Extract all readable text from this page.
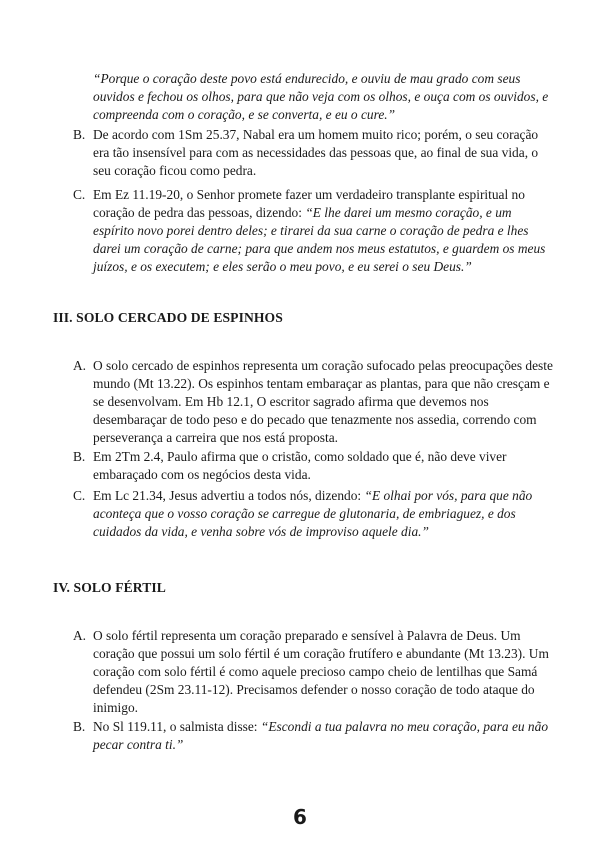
“Porque o coração deste povo está endurecido, e ouviu de mau grado com seus ouvidos e fechou os olhos, para que não veja com os olhos, e ouça com os ouvidos, e compreenda com o coração, e se converta, e eu o cure.”

B. De acordo com 1Sm 25.37, Nabal era um homem muito rico; porém, o seu coração era tão insensível para com as necessidades das pessoas que, ao final de sua vida, o seu coração ficou como pedra.

C. Em Ez 11.19-20, o Senhor promete fazer um verdadeiro transplante espiritual no coração de pedra das pessoas, dizendo: “E lhe darei um mesmo coração, e um espírito novo porei dentro deles; e tirarei da sua carne o coração de pedra e lhes darei um coração de carne; para que andem nos meus estatutos, e guardem os meus juízos, e os executem; e eles serão o meu povo, e eu serei o seu Deus.”

III. SOLO CERCADO DE ESPINHOS

A. O solo cercado de espinhos representa um coração sufocado pelas preocupações deste mundo (Mt 13.22). Os espinhos tentam embaraçar as plantas, para que não cresçam e se desenvolvam. Em Hb 12.1, O escritor sagrado afirma que devemos nos desembaraçar de todo peso e do pecado que tenazmente nos assedia, correndo com perseverança a carreira que nos está proposta.

B. Em 2Tm 2.4, Paulo afirma que o cristão, como soldado que é, não deve viver embaraçado com os negócios desta vida.

C. Em Lc 21.34, Jesus advertiu a todos nós, dizendo: “E olhai por vós, para que não aconteça que o vosso coração se carregue de glutonaria, de embriaguez, e dos cuidados da vida, e venha sobre vós de improviso aquele dia.”

IV. SOLO FÉRTIL

A. O solo fértil representa um coração preparado e sensível à Palavra de Deus. Um coração que possui um solo fértil é um coração frutífero e abundante (Mt 13.23). Um coração com solo fértil é como aquele precioso campo cheio de lentilhas que Samá defendeu (2Sm 23.11-12). Precisamos defender o nosso coração de todo ataque do inimigo.

B. No Sl 119.11, o salmista disse: “Escondi a tua palavra no meu coração, para eu não pecar contra ti.”

6
